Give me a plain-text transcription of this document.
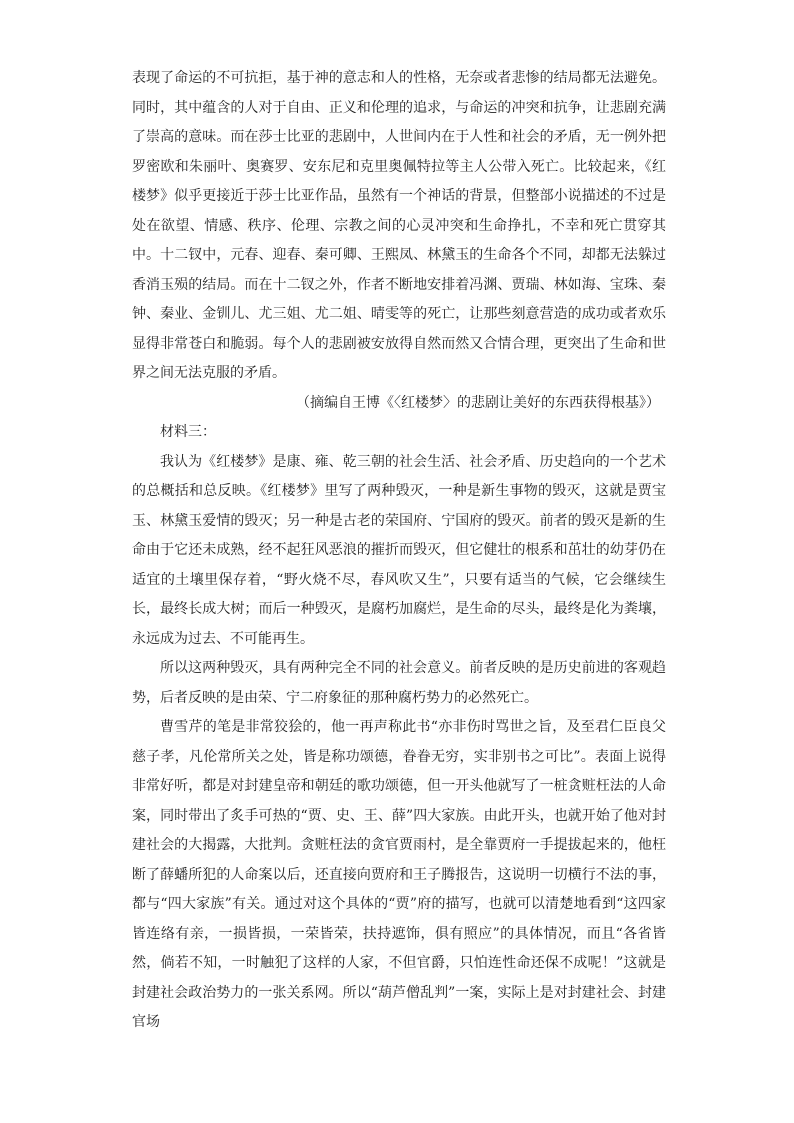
表现了命运的不可抗拒，基于神的意志和人的性格，无奈或者悲惨的结局都无法避免。同时，其中蕴含的人对于自由、正义和伦理的追求，与命运的冲突和抗争，让悲剧充满了崇高的意味。而在莎士比亚的悲剧中，人世间内在于人性和社会的矛盾，无一例外把罗密欧和朱丽叶、奥赛罗、安东尼和克里奥佩特拉等主人公带入死亡。比较起来，《红楼梦》似乎更接近于莎士比亚作品，虽然有一个神话的背景，但整部小说描述的不过是处在欲望、情感、秩序、伦理、宗教之间的心灵冲突和生命挣扎，不幸和死亡贯穿其中。十二钗中，元春、迎春、秦可卿、王熙凤、林黛玉的生命各个不同，却都无法躲过香消玉殒的结局。而在十二钗之外，作者不断地安排着冯渊、贾瑞、林如海、宝珠、秦钟、秦业、金钏儿、尤三姐、尤二姐、晴雯等的死亡，让那些刻意营造的成功或者欢乐显得非常苍白和脆弱。每个人的悲剧被安放得自然而然又合情合理，更突出了生命和世界之间无法克服的矛盾。

（摘编自王博《〈红楼梦〉的悲剧让美好的东西获得根基》）

材料三：

我认为《红楼梦》是康、雍、乾三朝的社会生活、社会矛盾、历史趋向的一个艺术的总概括和总反映。《红楼梦》里写了两种毁灭，一种是新生事物的毁灭，这就是贾宝玉、林黛玉爱情的毁灭；另一种是古老的荣国府、宁国府的毁灭。前者的毁灭是新的生命由于它还未成熟，经不起狂风恶浪的摧折而毁灭，但它健壮的根系和茁壮的幼芽仍在适宜的土壤里保存着，“野火烧不尽，春风吹又生”，只要有适当的气候，它会继续生长，最终长成大树；而后一种毁灭，是腐朽加腐烂，是生命的尽头，最终是化为粪壤，永远成为过去、不可能再生。

所以这两种毁灭，具有两种完全不同的社会意义。前者反映的是历史前进的客观趋势，后者反映的是由荣、宁二府象征的那种腐朽势力的必然死亡。

曹雪芹的笔是非常狡狯的，他一再声称此书“亦非伤时骂世之旨，及至君仁臣良父慈子孝，凡伦常所关之处，皆是称功颂德，眷眷无穷，实非别书之可比”。表面上说得非常好听，都是对封建皇帝和朝廷的歌功颂德，但一开头他就写了一桩贪赃枉法的人命案，同时带出了炙手可热的“贾、史、王、薛”四大家族。由此开头，也就开始了他对封建社会的大揭露，大批判。贪赃枉法的贪官贾雨村，是全靠贾府一手提拔起来的，他枉断了薛蟠所犯的人命案以后，还直接向贾府和王子腾报告，这说明一切横行不法的事，都与“四大家族”有关。通过对这个具体的“贾”府的描写，也就可以清楚地看到“这四家皆连络有亲，一损皆损，一荣皆荣，扶持遮饰，俱有照应”的具体情况，而且“各省皆然，倘若不知，一时触犯了这样的人家，不但官爵，只怕连性命还保不成呢！”这就是封建社会政治势力的一张关系网。所以“葫芦僧乱判”一案，实际上是对封建社会、封建官场
